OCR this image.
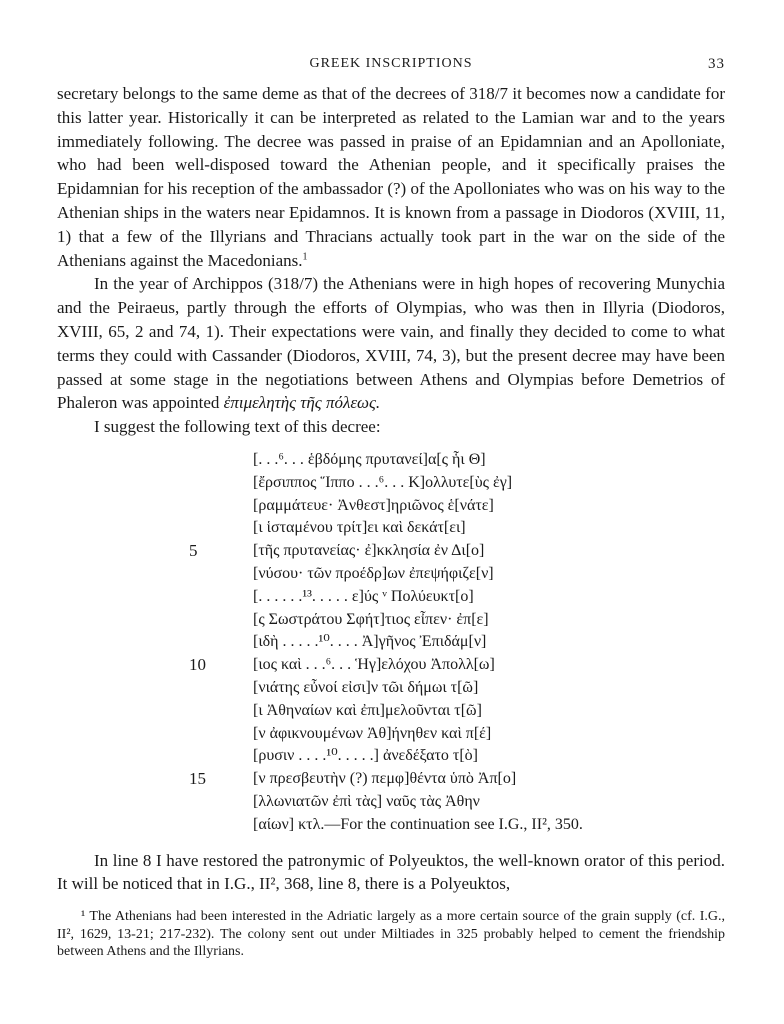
GREEK INSCRIPTIONS	33

secretary belongs to the same deme as that of the decrees of 318/7 it becomes now a candidate for this latter year. Historically it can be interpreted as related to the Lamian war and to the years immediately following. The decree was passed in praise of an Epidamnian and an Apolloniate, who had been well-disposed toward the Athenian people, and it specifically praises the Epidamnian for his reception of the ambassador (?) of the Apolloniates who was on his way to the Athenian ships in the waters near Epidamnos. It is known from a passage in Diodoros (XVIII, 11, 1) that a few of the Illyrians and Thracians actually took part in the war on the side of the Athenians against the Macedonians.$^1$

In the year of Archippos (318/7) the Athenians were in high hopes of recovering Munychia and the Peiraeus, partly through the efforts of Olympias, who was then in Illyria (Diodoros, XVIII, 65, 2 and 74, 1). Their expectations were vain, and finally they decided to come to what terms they could with Cassander (Diodoros, XVIII, 74, 3), but the present decree may have been passed at some stage in the negotiations between Athens and Olympias before Demetrios of Phaleron was appointed ἐπιμελητὴς τῆς πόλεως.

I suggest the following text of this decree:

[. . .⁶. . . ἑβδόμης πρυτανεί]α[ς ἧι Θ]
[ἔρσιππος Ἵππο . . .⁶. . . Κ]ολλυτε[ὺς ἐγ]
[ραμμάτευε· Ἀνθεστ]ηριῶνος ἑ[νάτε]
[ι ἱσταμένου τρίτ]ει καὶ δεκάτ[ει]
5	[τῆς πρυτανείας· ἐ]κκλησία ἐν Δι[ο]
[νύσου· τῶν προέδρ]ων ἐπεψήφιζε[ν]
[. . . . . .¹³. . . . . ε]ύς ᵛ Πολύευκτ[ο]
[ς Σωστράτου Σφήτ]τιος εἶπεν· ἐπ[ε]
[ιδὴ . . . . .¹⁰. . . . Ἀ]γῆνος Ἐπιδάμ[ν]
10	[ιος καὶ . . .⁶. . . Ἡγ]ελόχου Ἀπολλ[ω]
[νιάτης εὖνοί εἰσι]ν τῶι δήμωι τ[ῶ]
[ι Ἀθηναίων καὶ ἐπι]μελοῦνται τ[ῶ]
[ν ἀφικνουμένων Ἀθ]ήνηθεν καὶ π[έ]
[ρυσιν . . . .¹⁰. . . . .] ἀνεδέξατο τ[ὸ]
15	[ν πρεσβευτὴν (?) πεμφ]θέντα ὑπὸ Ἀπ[ο]
[λλωνιατῶν ἐπὶ τὰς] ναῦς τὰς Ἀθην
[αίων] κτλ.—For the continuation see I.G., II², 350.

In line 8 I have restored the patronymic of Polyeuktos, the well-known orator of this period. It will be noticed that in I.G., II², 368, line 8, there is a Polyeuktos,

¹ The Athenians had been interested in the Adriatic largely as a more certain source of the grain supply (cf. I.G., II², 1629, 13-21; 217-232). The colony sent out under Miltiades in 325 probably helped to cement the friendship between Athens and the Illyrians.
